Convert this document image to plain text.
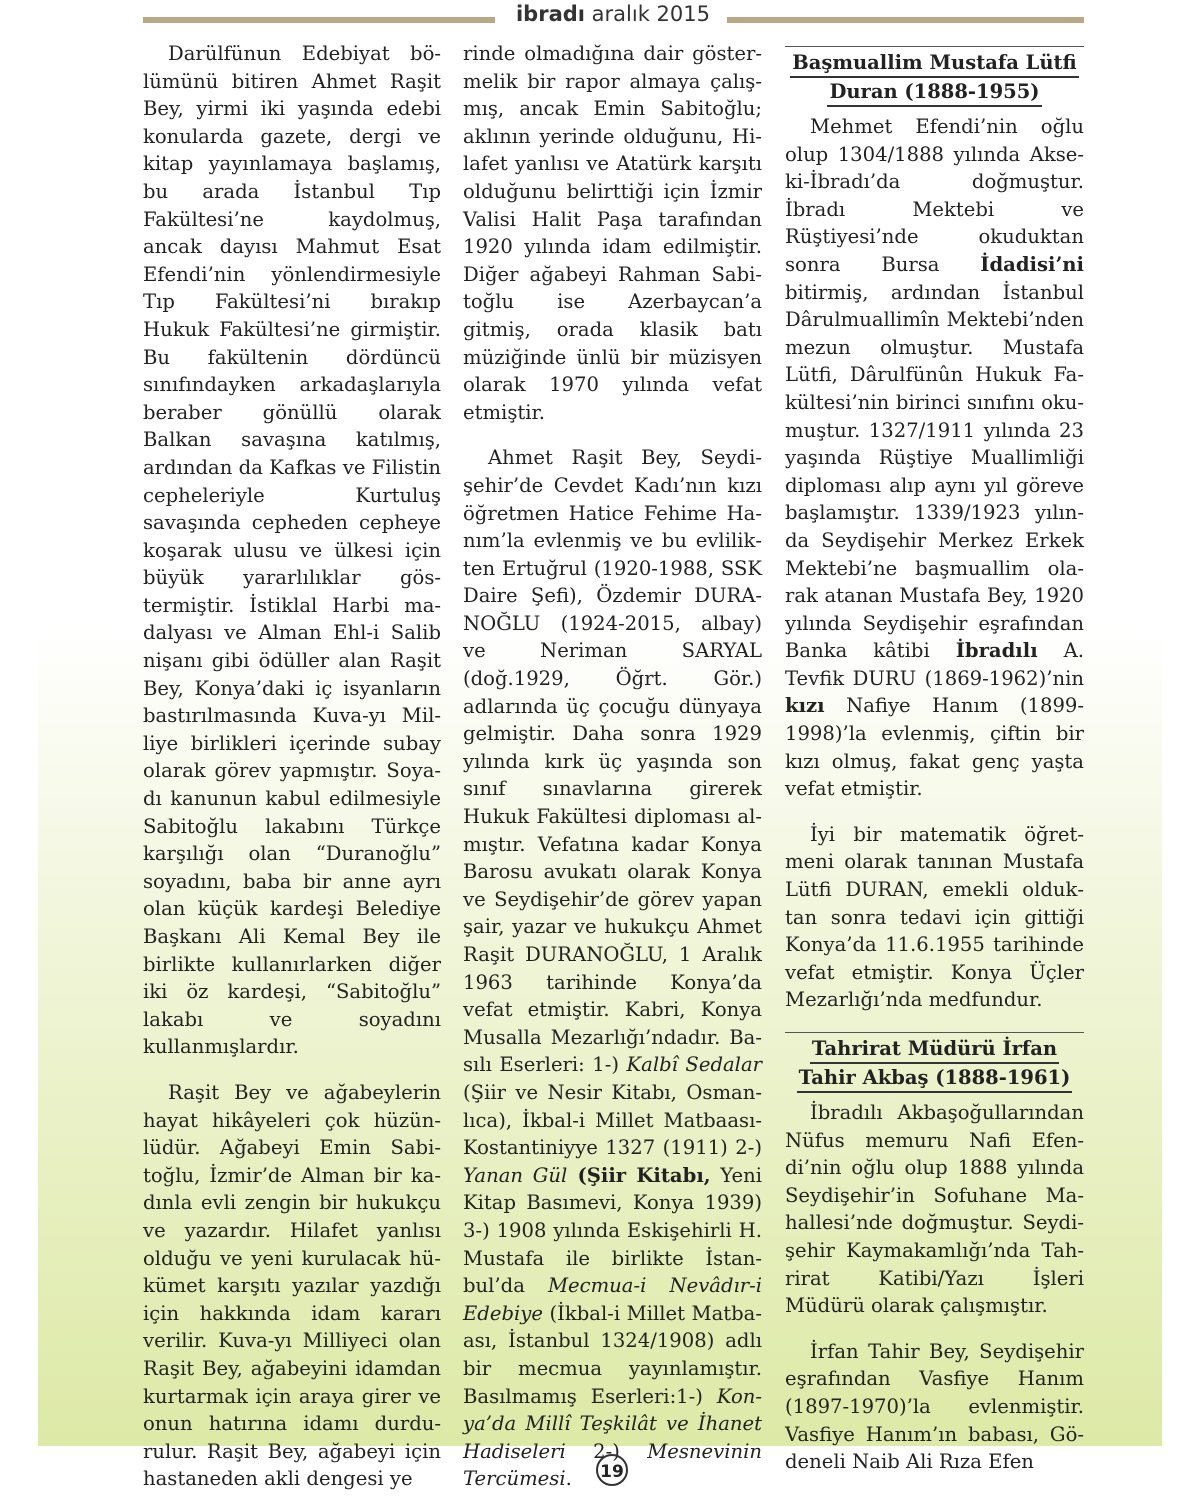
ibradı aralık 2015

Darülfünun Edebiyat bölümünü bitiren Ahmet Raşit Bey, yirmi iki yaşında edebi konularda gazete, dergi ve kitap yayınlamaya başlamış, bu arada İstanbul Tıp Fakültesi’ne kaydolmuş, ancak dayısı Mahmut Esat Efendi’nin yönlendirmesiyle Tıp Fakültesi’ni bırakıp Hukuk Fakültesi’ne girmiştir. Bu fakültenin dördüncü sınıfındayken arkadaşlarıyla beraber gönüllü olarak Balkan savaşına katılmış, ardından da Kafkas ve Filistin cepheleriyle Kurtuluş savaşında cepheden cepheye koşarak ulusu ve ülkesi için büyük yararlılıklar göstermiştir. İstiklal Harbi madalyası ve Alman Ehl-i Salib nişanı gibi ödüller alan Raşit Bey, Konya’daki iç isyanların bastırılmasında Kuva-yı Milliye birlikleri içerinde subay olarak görev yapmıştır. Soyadı kanunun kabul edilmesiyle Sabitoğlu lakabını Türkçe karşılığı olan “Duranoğlu” soyadını, baba bir anne ayrı olan küçük kardeşi Belediye Başkanı Ali Kemal Bey ile birlikte kullanırlarken diğer iki öz kardeşi, “Sabitoğlu” lakabı ve soyadını kullanmışlardır.

Raşit Bey ve ağabeylerin hayat hikâyeleri çok hüzünlüdür. Ağabeyi Emin Sabitoğlu, İzmir’de Alman bir kadınla evli zengin bir hukukçu ve yazardır. Hilafet yanlısı olduğu ve yeni kurulacak hükümet karşıtı yazılar yazdığı için hakkında idam kararı verilir. Kuva-yı Milliyeci olan Raşit Bey, ağabeyini idamdan kurtarmak için araya girer ve onun hatırına idamı durdurulur. Raşit Bey, ağabeyi için hastaneden akli dengesi ye

rinde olmadığına dair göstermelik bir rapor almaya çalışmış, ancak Emin Sabitoğlu; aklının yerinde olduğunu, Hilafet yanlısı ve Atatürk karşıtı olduğunu belirttiği için İzmir Valisi Halit Paşa tarafından 1920 yılında idam edilmiştir. Diğer ağabeyi Rahman Sabitoğlu ise Azerbaycan’a gitmiş, orada klasik batı müziğinde ünlü bir müzisyen olarak 1970 yılında vefat etmiştir.

Ahmet Raşit Bey, Seydişehir’de Cevdet Kadı’nın kızı öğretmen Hatice Fehime Hanım’la evlenmiş ve bu evlilikten Ertuğrul (1920-1988, SSK Daire Şefi), Özdemir DURANOĞLU (1924-2015, albay) ve Neriman SARYAL (doğ.1929, Öğrt. Gör.) adlarında üç çocuğu dünyaya gelmiştir. Daha sonra 1929 yılında kırk üç yaşında son sınıf sınavlarına girerek Hukuk Fakültesi diploması almıştır. Vefatına kadar Konya Barosu avukatı olarak Konya ve Seydişehir’de görev yapan şair, yazar ve hukukçu Ahmet Raşit DURANOĞLU, 1 Aralık 1963 tarihinde Konya’da vefat etmiştir. Kabri, Konya Musalla Mezarlığı’ndadır. Basılı Eserleri: 1-) Kalbî Sedalar (Şiir ve Nesir Kitabı, Osmanlıca), İkbal-i Millet Matbaası-Kostantiniyye 1327 (1911) 2-) Yanan Gül (Şiir Kitabı, Yeni Kitap Basımevi, Konya 1939) 3-) 1908 yılında Eskişehirli H. Mustafa ile birlikte İstanbul’da Mecmua-i Nevâdır-i Edebiye (İkbal-i Millet Matbaası, İstanbul 1324/1908) adlı bir mecmua yayınlamıştır. Basılmamış Eserleri:1-) Konya’da Millî Teşkilât ve İhanet Hadiseleri 2-) Mesnevinin Tercümesi.

Başmuallim Mustafa Lütfi
Duran (1888-1955)

Mehmet Efendi’nin oğlu olup 1304/1888 yılında Akseki-İbradı’da doğmuştur. İbradı Mektebi ve Rüştiyesi’nde okuduktan sonra Bursa İdadisi’ni bitirmiş, ardından İstanbul Dârulmuallimîn Mektebi’nden mezun olmuştur. Mustafa Lütfi, Dârulfünûn Hukuk Fakültesi’nin birinci sınıfını okumuştur. 1327/1911 yılında 23 yaşında Rüştiye Muallimliği diploması alıp aynı yıl göreve başlamıştır. 1339/1923 yılında Seydişehir Merkez Erkek Mektebi’ne başmuallim olarak atanan Mustafa Bey, 1920 yılında Seydişehir eşrafından Banka kâtibi İbradılı A. Tevfik DURU (1869-1962)’nin kızı Nafiye Hanım (1899-1998)’la evlenmiş, çiftin bir kızı olmuş, fakat genç yaşta vefat etmiştir.

İyi bir matematik öğretmeni olarak tanınan Mustafa Lütfi DURAN, emekli olduktan sonra tedavi için gittiği Konya’da 11.6.1955 tarihinde vefat etmiştir. Konya Üçler Mezarlığı’nda medfundur.

Tahrirat Müdürü İrfan
Tahir Akbaş (1888-1961)

İbradılı Akbaşoğullarından Nüfus memuru Nafi Efendi’nin oğlu olup 1888 yılında Seydişehir’in Sofuhane Mahallesi’nde doğmuştur. Seydişehir Kaymakamlığı’nda Tahrirat Katibi/Yazı İşleri Müdürü olarak çalışmıştır.

İrfan Tahir Bey, Seydişehir eşrafından Vasfiye Hanım (1897-1970)’la evlenmiştir. Vasfiye Hanım’ın babası, Gödeneli Naib Ali Rıza Efen

19
